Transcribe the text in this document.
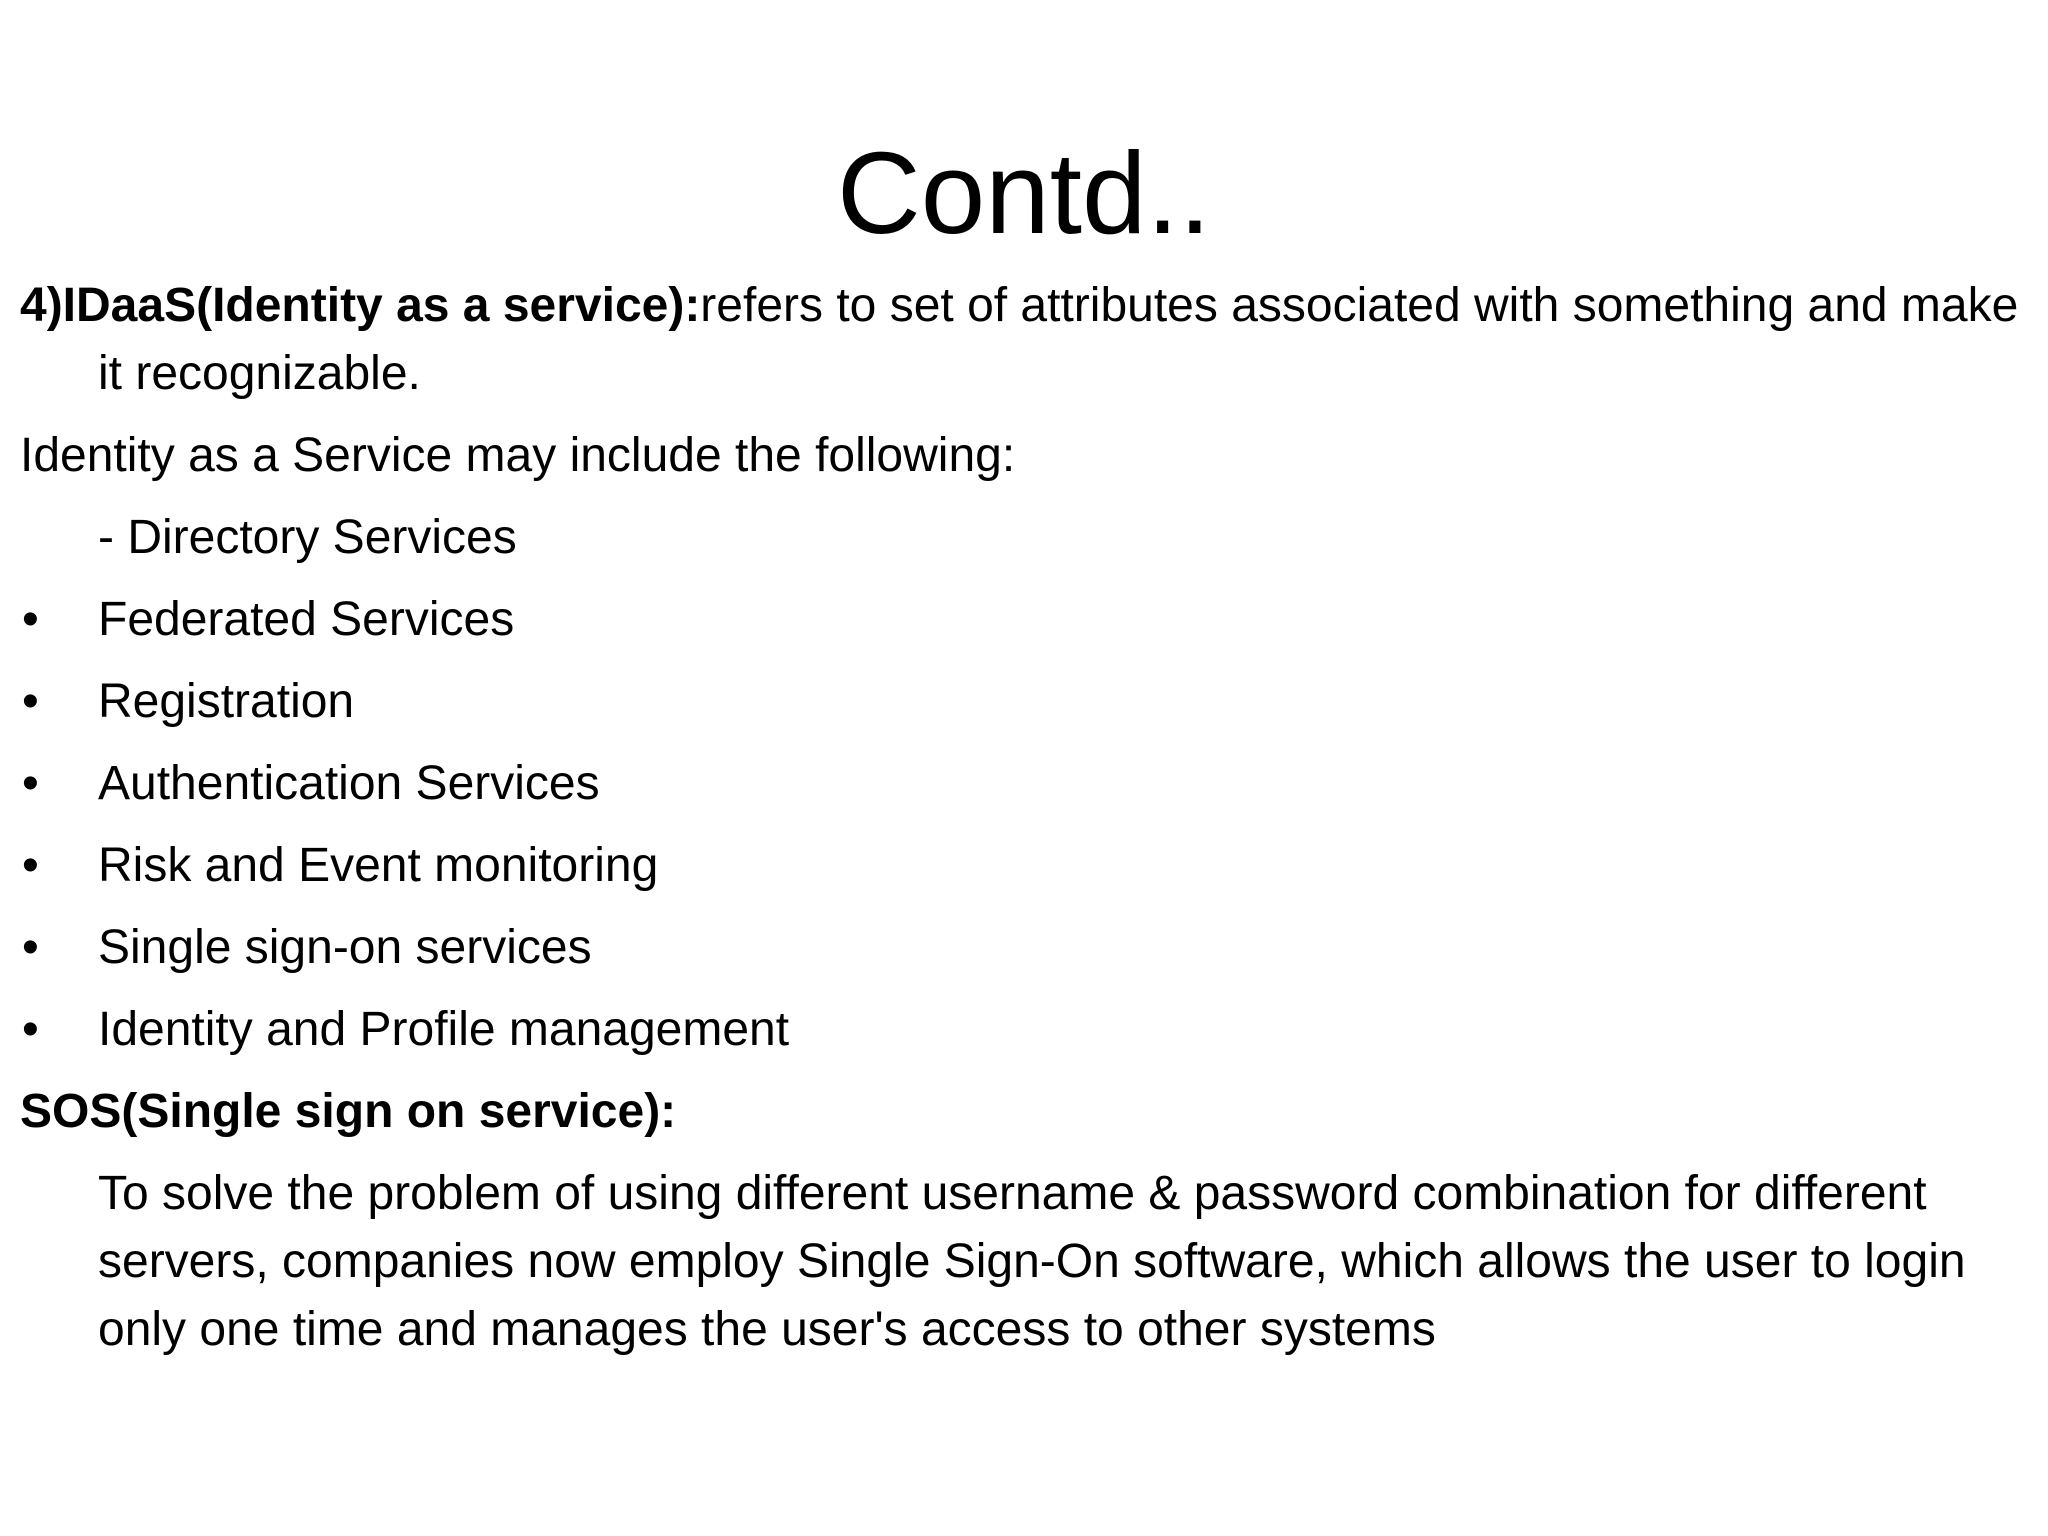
Contd..
4)IDaaS(Identity as a service):refers to set of attributes associated with something and make it recognizable.
Identity as a Service may include the following:
- Directory Services
•	Federated Services
•	Registration
•	Authentication Services
•	Risk and Event monitoring
•	Single sign-on services
•	Identity and Profile management
SOS(Single sign on service):
To solve the problem of using different username & password combination for different servers, companies now employ Single Sign-On software, which allows the user to login only one time and manages the user's access to other systems
